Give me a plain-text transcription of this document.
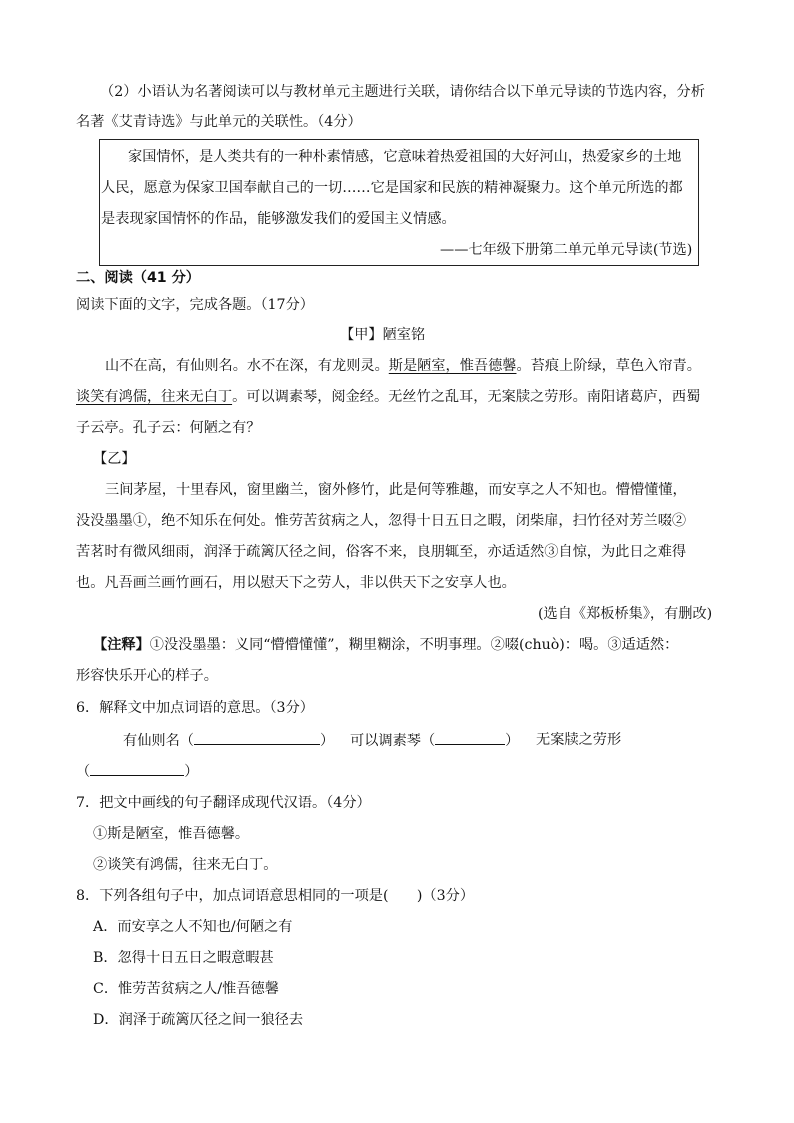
（2）小语认为名著阅读可以与教材单元主题进行关联，请你结合以下单元导读的节选内容，分析
名著《艾青诗选》与此单元的关联性。（4分）
家国情怀，是人类共有的一种朴素情感，它意味着热爱祖国的大好河山，热爱家乡的土地
人民，愿意为保家卫国奉献自己的一切……它是国家和民族的精神凝聚力。这个单元所选的都
是表现家国情怀的作品，能够激发我们的爱国主义情感。
——七年级下册第二单元单元导读(节选)
二、阅读（41 分）
阅读下面的文字，完成各题。（17分）
【甲】陋室铭
山不在高，有仙则名。水不在深，有龙则灵。斯是陋室，惟吾德馨。苔痕上阶绿，草色入帘青。
谈笑有鸿儒，往来无白丁。可以调素琴，阅金经。无丝竹之乱耳，无案牍之劳形。南阳诸葛庐，西蜀
子云亭。孔子云：何陋之有？
【乙】
三间茅屋，十里春风，窗里幽兰，窗外修竹，此是何等雅趣，而安享之人不知也。懵懵懂懂，
没没墨墨①，绝不知乐在何处。惟劳苦贫病之人，忽得十日五日之暇，闭柴扉，扫竹径对芳兰啜②
苦茗时有微风细雨，润泽于疏篱仄径之间，俗客不来，良朋辄至，亦适适然③自惊，为此日之难得
也。凡吾画兰画竹画石，用以慰天下之劳人，非以供天下之安享人也。
(选自《郑板桥集》，有删改)
【注释】①没没墨墨：义同“懵懵懂懂”，糊里糊涂，不明事理。②啜(chuò)：喝。③适适然：
形容快乐开心的样子。
6．解释文中加点词语的意思。（3分）
有仙则名（	） 可以调素琴（	） 无案牍之劳形
（	）
7．把文中画线的句子翻译成现代汉语。（4分）
①斯是陋室，惟吾德馨。
②谈笑有鸿儒，往来无白丁。
8．下列各组句子中，加点词语意思相同的一项是(　　)（3分）
A．而安享之人不知也/何陋之有
B．忽得十日五日之暇意暇甚
C．惟劳苦贫病之人/惟吾德馨
D．润泽于疏篱仄径之间一狼径去
